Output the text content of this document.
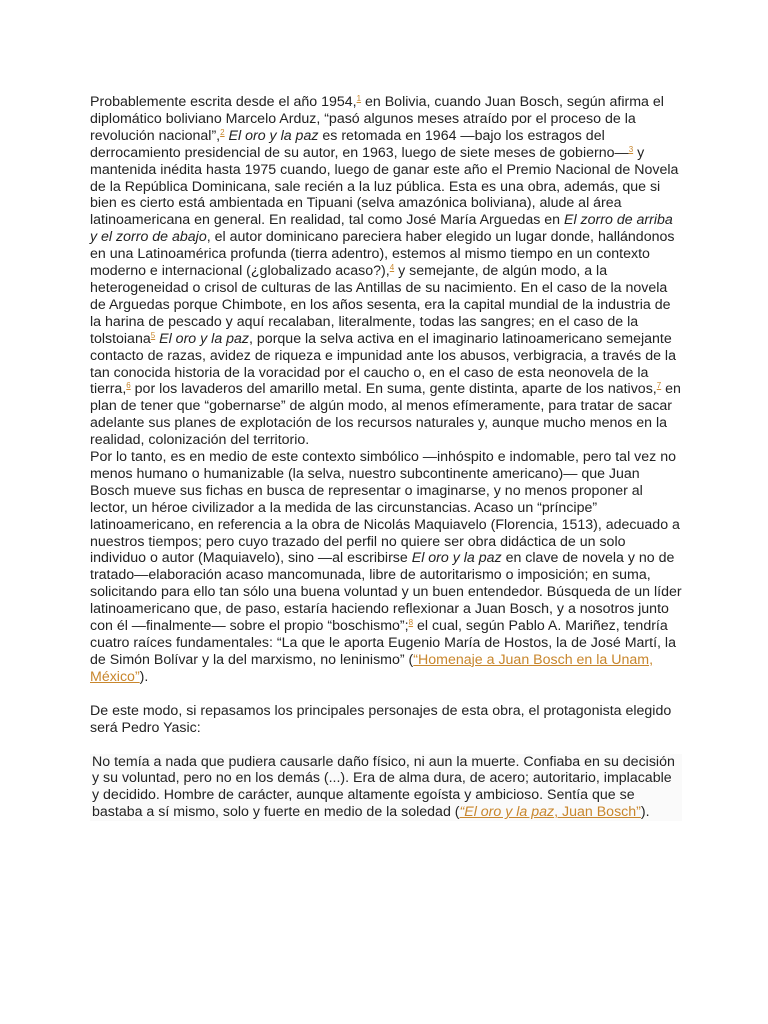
Probablemente escrita desde el año 1954,$^1$ en Bolivia, cuando Juan Bosch, según afirma el diplomático boliviano Marcelo Arduz, “pasó algunos meses atraído por el proceso de la revolución nacional”,$^2$ El oro y la paz es retomada en 1964 —bajo los estragos del derrocamiento presidencial de su autor, en 1963, luego de siete meses de gobierno—$^3$ y mantenida inédita hasta 1975 cuando, luego de ganar este año el Premio Nacional de Novela de la República Dominicana, sale recién a la luz pública. Esta es una obra, además, que si bien es cierto está ambientada en Tipuani (selva amazónica boliviana), alude al área latinoamericana en general. En realidad, tal como José María Arguedas en El zorro de arriba y el zorro de abajo, el autor dominicano pareciera haber elegido un lugar donde, hallándonos en una Latinoamérica profunda (tierra adentro), estemos al mismo tiempo en un contexto moderno e internacional (¿globalizado acaso?),$^4$ y semejante, de algún modo, a la heterogeneidad o crisol de culturas de las Antillas de su nacimiento. En el caso de la novela de Arguedas porque Chimbote, en los años sesenta, era la capital mundial de la industria de la harina de pescado y aquí recalaban, literalmente, todas las sangres; en el caso de la tolstoiana$^5$ El oro y la paz, porque la selva activa en el imaginario latinoamericano semejante contacto de razas, avidez de riqueza e impunidad ante los abusos, verbigracia, a través de la tan conocida historia de la voracidad por el caucho o, en el caso de esta neonovela de la tierra,$^6$ por los lavaderos del amarillo metal. En suma, gente distinta, aparte de los nativos,$^7$ en plan de tener que “gobernarse” de algún modo, al menos efímeramente, para tratar de sacar adelante sus planes de explotación de los recursos naturales y, aunque mucho menos en la realidad, colonización del territorio.

Por lo tanto, es en medio de este contexto simbólico —inhóspito e indomable, pero tal vez no menos humano o humanizable (la selva, nuestro subcontinente americano)— que Juan Bosch mueve sus fichas en busca de representar o imaginarse, y no menos proponer al lector, un héroe civilizador a la medida de las circunstancias. Acaso un “príncipe” latinoamericano, en referencia a la obra de Nicolás Maquiavelo (Florencia, 1513), adecuado a nuestros tiempos; pero cuyo trazado del perfil no quiere ser obra didáctica de un solo individuo o autor (Maquiavelo), sino —al escribirse El oro y la paz en clave de novela y no de tratado—elaboración acaso mancomunada, libre de autoritarismo o imposición; en suma, solicitando para ello tan sólo una buena voluntad y un buen entendedor. Búsqueda de un líder latinoamericano que, de paso, estaría haciendo reflexionar a Juan Bosch, y a nosotros junto con él —finalmente— sobre el propio “boschismo”;$^8$ el cual, según Pablo A. Mariñez, tendría cuatro raíces fundamentales: “La que le aporta Eugenio María de Hostos, la de José Martí, la de Simón Bolívar y la del marxismo, no leninismo” (“Homenaje a Juan Bosch en la Unam, México”).

De este modo, si repasamos los principales personajes de esta obra, el protagonista elegido será Pedro Yasic:

No temía a nada que pudiera causarle daño físico, ni aun la muerte. Confiaba en su decisión y su voluntad, pero no en los demás (...). Era de alma dura, de acero; autoritario, implacable y decidido. Hombre de carácter, aunque altamente egoísta y ambicioso. Sentía que se bastaba a sí mismo, solo y fuerte en medio de la soledad (“El oro y la paz, Juan Bosch”).
